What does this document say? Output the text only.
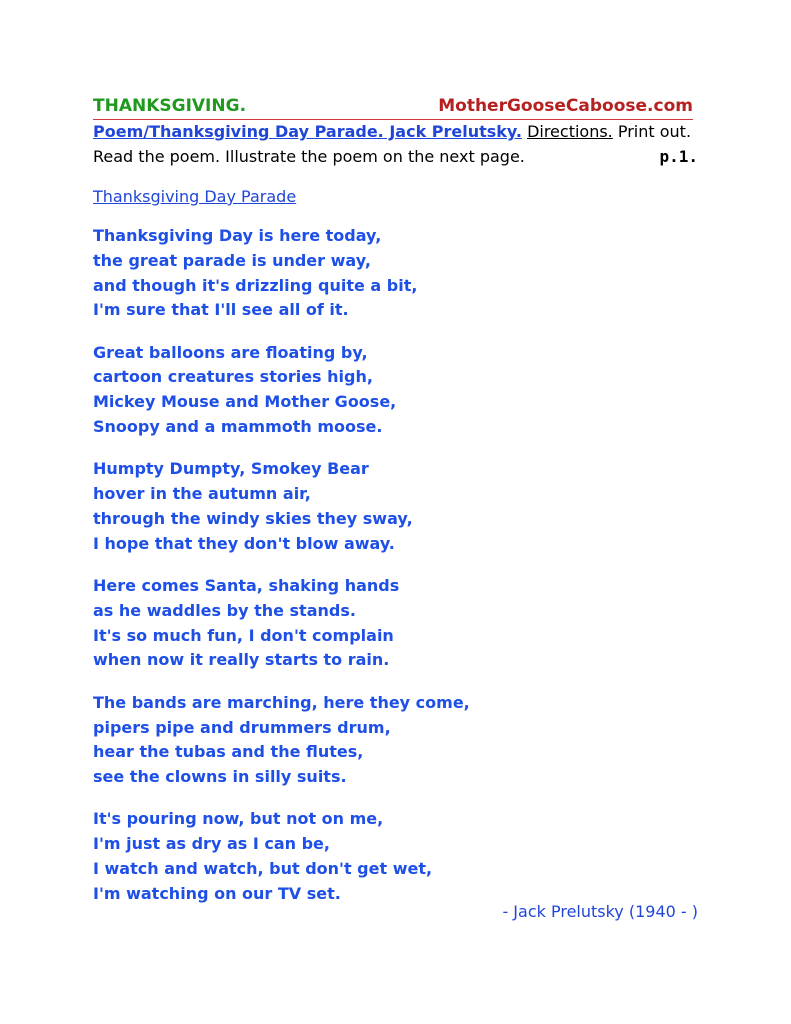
THANKSGIVING.	MotherGooseCaboose.com
Poem/Thanksgiving Day Parade. Jack Prelutsky. Directions. Print out.
Read the poem. Illustrate the poem on the next page.	p.1.
Thanksgiving Day Parade
Thanksgiving Day is here today,
the great parade is under way,
and though it's drizzling quite a bit,
I'm sure that I'll see all of it.
Great balloons are floating by,
cartoon creatures stories high,
Mickey Mouse and Mother Goose,
Snoopy and a mammoth moose.
Humpty Dumpty, Smokey Bear
hover in the autumn air,
through the windy skies they sway,
I hope that they don't blow away.
Here comes Santa, shaking hands
as he waddles by the stands.
It's so much fun, I don't complain
when now it really starts to rain.
The bands are marching, here they come,
pipers pipe and drummers drum,
hear the tubas and the flutes,
see the clowns in silly suits.
It's pouring now, but not on me,
I'm just as dry as I can be,
I watch and watch, but don't get wet,
I'm watching on our TV set.
- Jack Prelutsky (1940 - )
